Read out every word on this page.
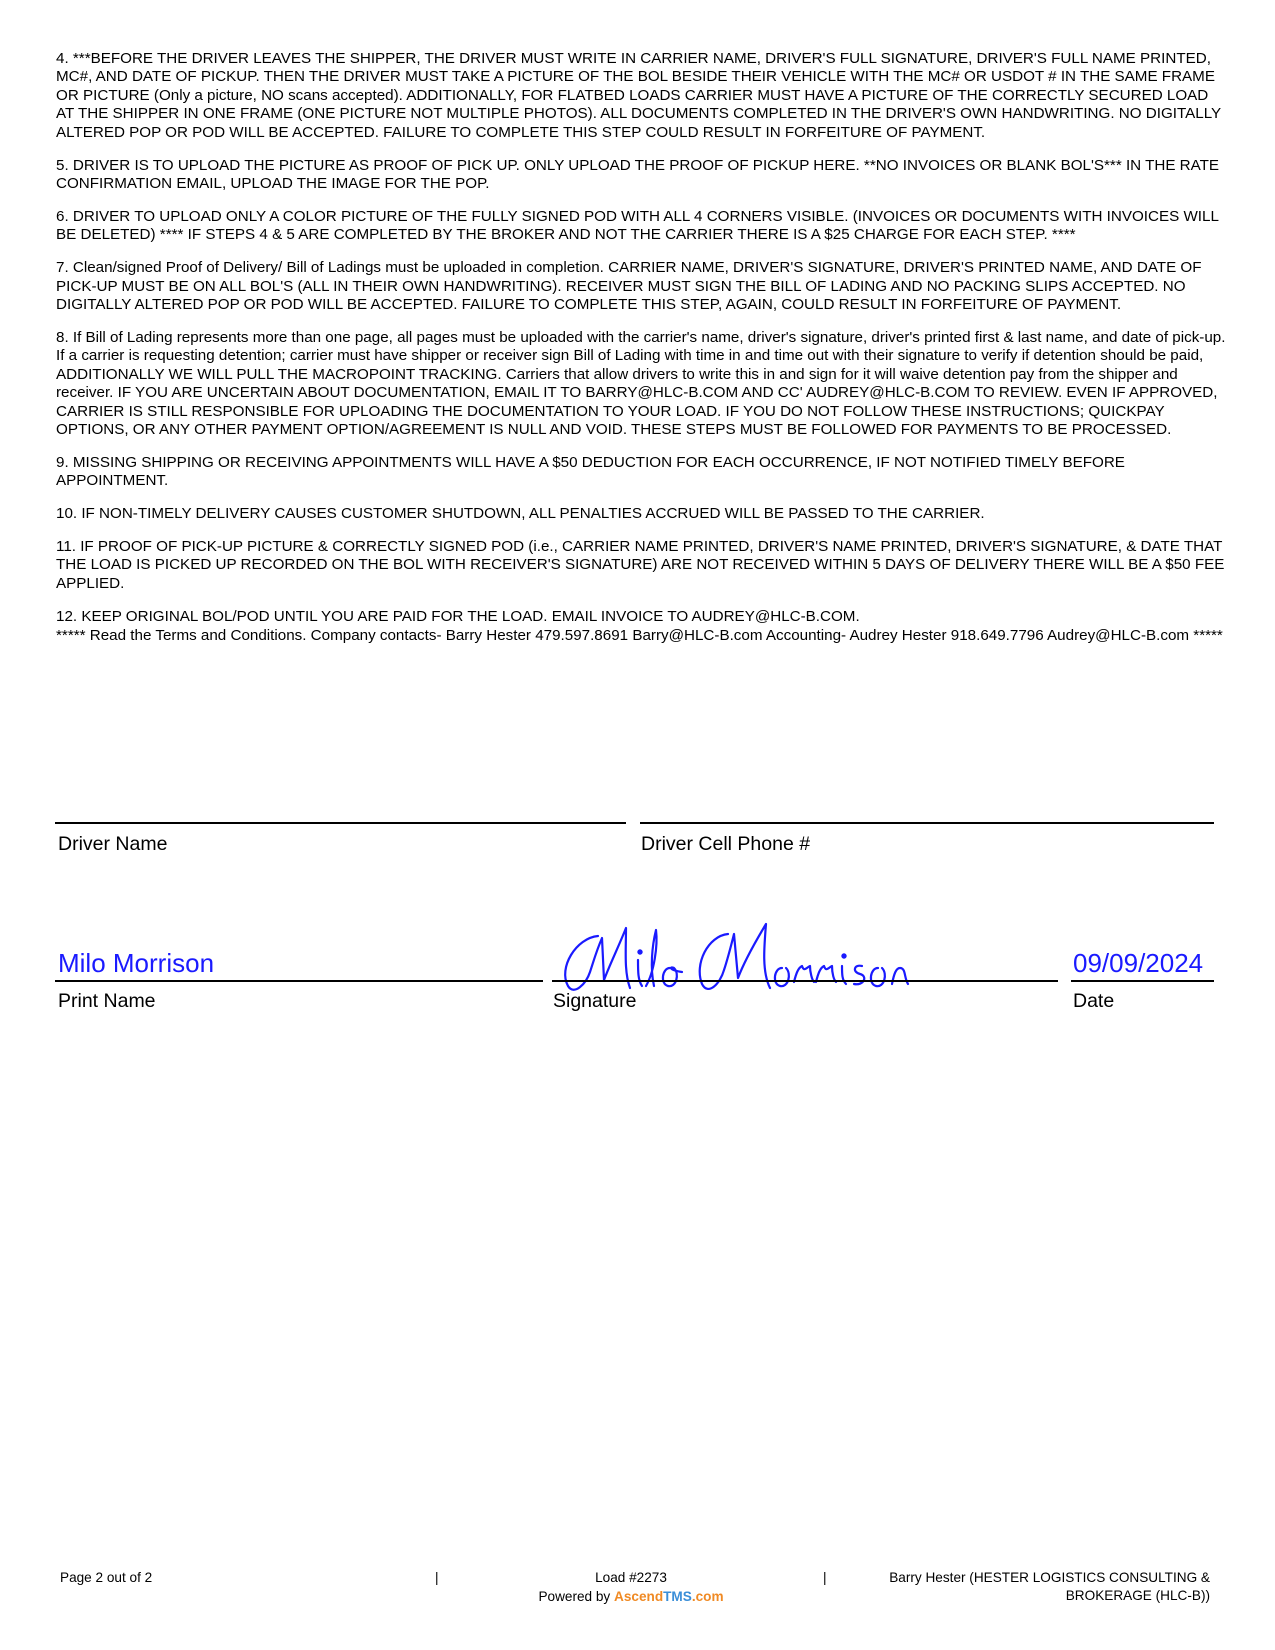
4. ***BEFORE THE DRIVER LEAVES THE SHIPPER, THE DRIVER MUST WRITE IN CARRIER NAME, DRIVER'S FULL SIGNATURE, DRIVER'S FULL NAME PRINTED, MC#, AND DATE OF PICKUP. THEN THE DRIVER MUST TAKE A PICTURE OF THE BOL BESIDE THEIR VEHICLE WITH THE MC# OR USDOT # IN THE SAME FRAME OR PICTURE (Only a picture, NO scans accepted). ADDITIONALLY, FOR FLATBED LOADS CARRIER MUST HAVE A PICTURE OF THE CORRECTLY SECURED LOAD AT THE SHIPPER IN ONE FRAME (ONE PICTURE NOT MULTIPLE PHOTOS). ALL DOCUMENTS COMPLETED IN THE DRIVER'S OWN HANDWRITING. NO DIGITALLY ALTERED POP OR POD WILL BE ACCEPTED. FAILURE TO COMPLETE THIS STEP COULD RESULT IN FORFEITURE OF PAYMENT.

5. DRIVER IS TO UPLOAD THE PICTURE AS PROOF OF PICK UP. ONLY UPLOAD THE PROOF OF PICKUP HERE. **NO INVOICES OR BLANK BOL'S*** IN THE RATE CONFIRMATION EMAIL, UPLOAD THE IMAGE FOR THE POP.

6. DRIVER TO UPLOAD ONLY A COLOR PICTURE OF THE FULLY SIGNED POD WITH ALL 4 CORNERS VISIBLE. (INVOICES OR DOCUMENTS WITH INVOICES WILL BE DELETED) **** IF STEPS 4 & 5 ARE COMPLETED BY THE BROKER AND NOT THE CARRIER THERE IS A $25 CHARGE FOR EACH STEP. ****

7. Clean/signed Proof of Delivery/ Bill of Ladings must be uploaded in completion. CARRIER NAME, DRIVER'S SIGNATURE, DRIVER'S PRINTED NAME, AND DATE OF PICK-UP MUST BE ON ALL BOL'S (ALL IN THEIR OWN HANDWRITING). RECEIVER MUST SIGN THE BILL OF LADING AND NO PACKING SLIPS ACCEPTED. NO DIGITALLY ALTERED POP OR POD WILL BE ACCEPTED. FAILURE TO COMPLETE THIS STEP, AGAIN, COULD RESULT IN FORFEITURE OF PAYMENT.

8. If Bill of Lading represents more than one page, all pages must be uploaded with the carrier's name, driver's signature, driver's printed first & last name, and date of pick-up. If a carrier is requesting detention; carrier must have shipper or receiver sign Bill of Lading with time in and time out with their signature to verify if detention should be paid, ADDITIONALLY WE WILL PULL THE MACROPOINT TRACKING. Carriers that allow drivers to write this in and sign for it will waive detention pay from the shipper and receiver. IF YOU ARE UNCERTAIN ABOUT DOCUMENTATION, EMAIL IT TO BARRY@HLC-B.COM AND CC' AUDREY@HLC-B.COM TO REVIEW. EVEN IF APPROVED, CARRIER IS STILL RESPONSIBLE FOR UPLOADING THE DOCUMENTATION TO YOUR LOAD. IF YOU DO NOT FOLLOW THESE INSTRUCTIONS; QUICKPAY OPTIONS, OR ANY OTHER PAYMENT OPTION/AGREEMENT IS NULL AND VOID. THESE STEPS MUST BE FOLLOWED FOR PAYMENTS TO BE PROCESSED.

9. MISSING SHIPPING OR RECEIVING APPOINTMENTS WILL HAVE A $50 DEDUCTION FOR EACH OCCURRENCE, IF NOT NOTIFIED TIMELY BEFORE APPOINTMENT.

10. IF NON-TIMELY DELIVERY CAUSES CUSTOMER SHUTDOWN, ALL PENALTIES ACCRUED WILL BE PASSED TO THE CARRIER.

11. IF PROOF OF PICK-UP PICTURE & CORRECTLY SIGNED POD (i.e., CARRIER NAME PRINTED, DRIVER'S NAME PRINTED, DRIVER'S SIGNATURE, & DATE THAT THE LOAD IS PICKED UP RECORDED ON THE BOL WITH RECEIVER'S SIGNATURE) ARE NOT RECEIVED WITHIN 5 DAYS OF DELIVERY THERE WILL BE A $50 FEE APPLIED.

12. KEEP ORIGINAL BOL/POD UNTIL YOU ARE PAID FOR THE LOAD. EMAIL INVOICE TO AUDREY@HLC-B.COM.

***** Read the Terms and Conditions. Company contacts- Barry Hester 479.597.8691 Barry@HLC-B.com Accounting- Audrey Hester 918.649.7796 Audrey@HLC-B.com *****

Driver Name	Driver Cell Phone #
Milo Morrison
Print Name	Signature
09/09/2024
Date
Page 2 out of 2	|	Load #2273
Powered by AscendTMS.com
|	Barry Hester (HESTER LOGISTICS CONSULTING & BROKERAGE (HLC-B))
